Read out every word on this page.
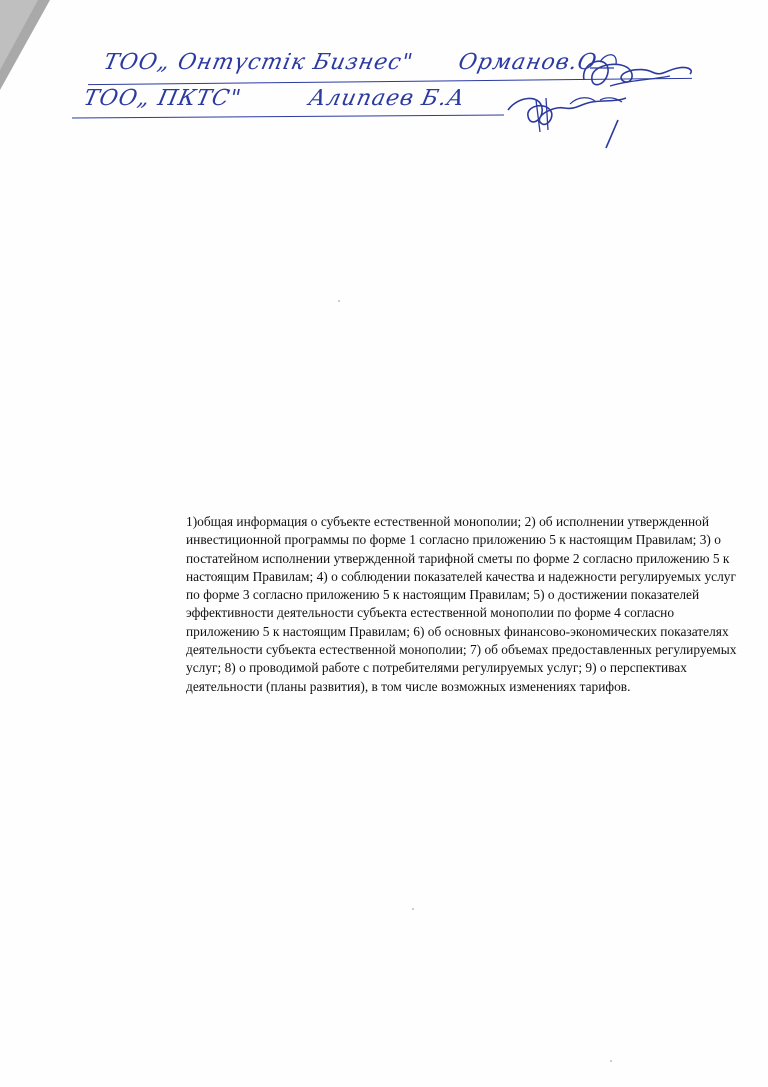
ТОО„ Онтүстік Бизнес" Орманов.О
ТОО„ ПКТС"	Алипаев Б.А
1)общая информация о субъекте естественной монополии; 2) об исполнении утвержденной инвестиционной программы по форме 1 согласно приложению 5 к настоящим Правилам; 3) о постатейном исполнении утвержденной тарифной сметы по форме 2 согласно приложению 5 к настоящим Правилам; 4) о соблюдении показателей качества и надежности регулируемых услуг по форме 3 согласно приложению 5 к настоящим Правилам; 5) о достижении показателей эффективности деятельности субъекта естественной монополии по форме 4 согласно приложению 5 к настоящим Правилам; 6) об основных финансово-экономических показателях деятельности субъекта естественной монополии; 7) об объемах предоставленных регулируемых услуг; 8) о проводимой работе с потребителями регулируемых услуг; 9) о перспективах деятельности (планы развития), в том числе возможных изменениях тарифов.
